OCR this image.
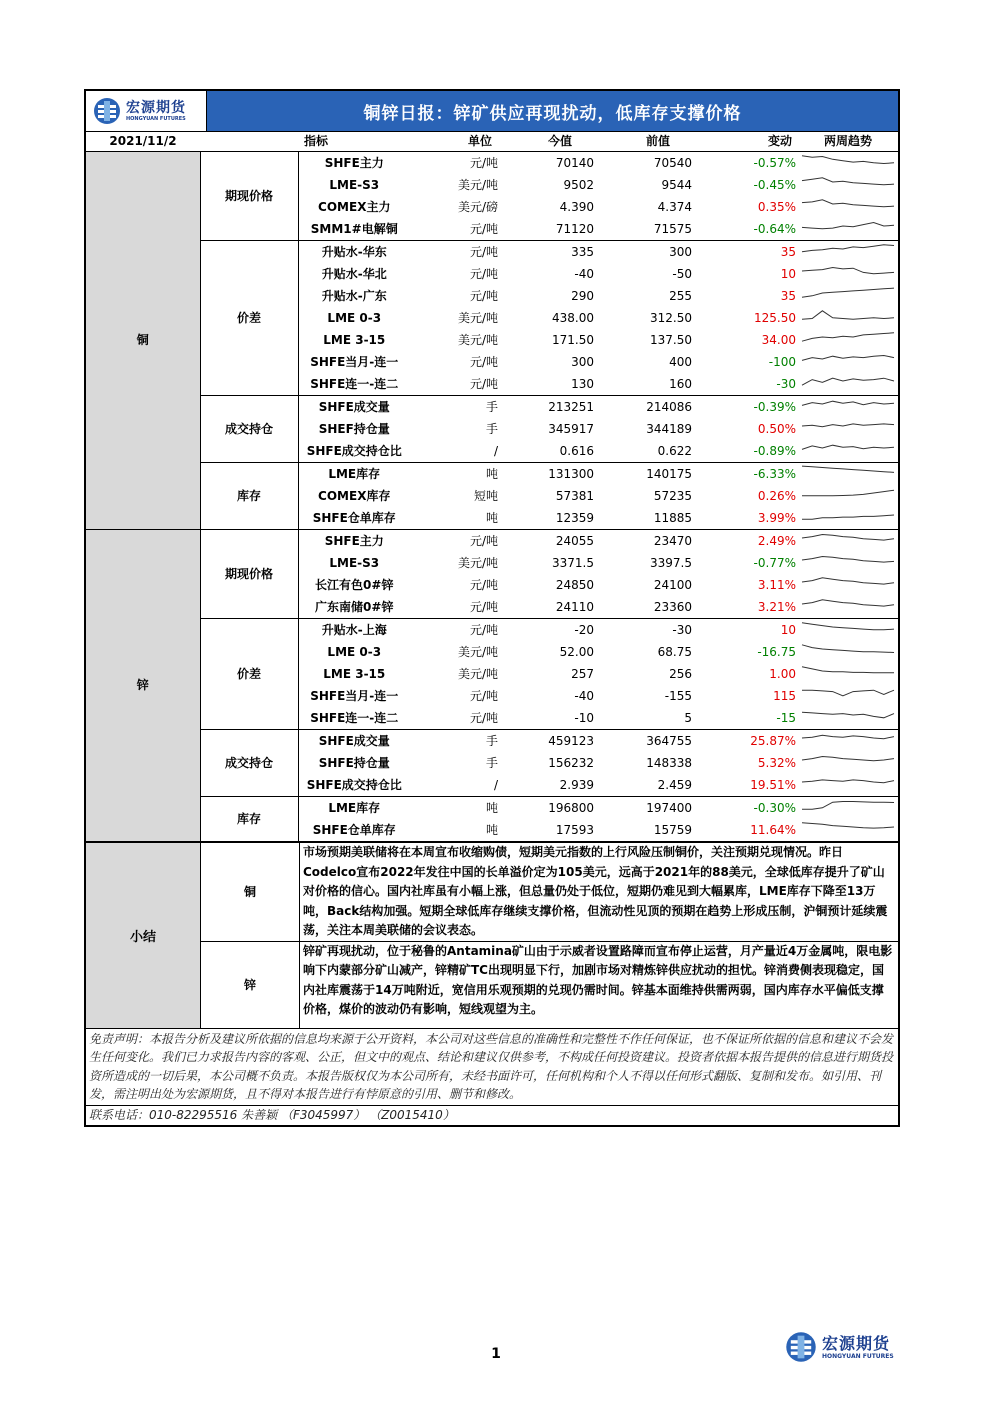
宏源期货
HONGYUAN FUTURES	铜锌日报：锌矿供应再现扰动，低库存支撑价格
2021/11/2		指标	单位	今值	前值	变动	两周趋势
铜	期现价格	SHFE主力	元/吨	70140	70540	-0.57%	
		LME-S3	美元/吨	9502	9544	-0.45%	
		COMEX主力	美元/磅	4.390	4.374	0.35%	
		SMM1#电解铜	元/吨	71120	71575	-0.64%	
	价差	升贴水-华东	元/吨	335	300	35	
		升贴水-华北	元/吨	-40	-50	10	
		升贴水-广东	元/吨	290	255	35	
		LME 0-3	美元/吨	438.00	312.50	125.50	
		LME 3-15	美元/吨	171.50	137.50	34.00	
		SHFE当月-连一	元/吨	300	400	-100	
		SHFE连一-连二	元/吨	130	160	-30	
	成交持仓	SHFE成交量	手	213251	214086	-0.39%	
		SHEF持仓量	手	345917	344189	0.50%	
		SHFE成交持仓比	/	0.616	0.622	-0.89%	
	库存	LME库存	吨	131300	140175	-6.33%	
		COMEX库存	短吨	57381	57235	0.26%	
		SHFE仓单库存	吨	12359	11885	3.99%	
锌	期现价格	SHFE主力	元/吨	24055	23470	2.49%	
		LME-S3	美元/吨	3371.5	3397.5	-0.77%	
		长江有色0#锌	元/吨	24850	24100	3.11%	
		广东南储0#锌	元/吨	24110	23360	3.21%	
	价差	升贴水-上海	元/吨	-20	-30	10	
		LME 0-3	美元/吨	52.00	68.75	-16.75	
		LME 3-15	美元/吨	257	256	1.00	
		SHFE当月-连一	元/吨	-40	-155	115	
		SHFE连一-连二	元/吨	-10	5	-15	
	成交持仓	SHFE成交量	手	459123	364755	25.87%	
		SHFE持仓量	手	156232	148338	5.32%	
		SHFE成交持仓比	/	2.939	2.459	19.51%	
	库存	LME库存	吨	196800	197400	-0.30%	
		SHFE仓单库存	吨	17593	15759	11.64%	
小结
铜
市场预期美联储将在本周宣布收缩购债，短期美元指数的上行风险压制铜价，关注预期兑现情况。昨日Codelco宣布2022年发往中国的长单溢价定为105美元，远高于2021年的88美元，全球低库存提升了矿山对价格的信心。国内社库虽有小幅上涨，但总量仍处于低位，短期仍难见到大幅累库，LME库存下降至13万吨，Back结构加强。短期全球低库存继续支撑价格，但流动性见顶的预期在趋势上形成压制，沪铜预计延续震荡，关注本周美联储的会议表态。
锌
锌矿再现扰动，位于秘鲁的Antamina矿山由于示威者设置路障而宣布停止运营，月产量近4万金属吨，限电影响下内蒙部分矿山减产，锌精矿TC出现明显下行，加剧市场对精炼锌供应扰动的担忧。锌消费侧表现稳定，国内社库震荡于14万吨附近，宽信用乐观预期的兑现仍需时间。锌基本面维持供需两弱，国内库存水平偏低支撑价格，煤价的波动仍有影响，短线观望为主。
免责声明：本报告分析及建议所依据的信息均来源于公开资料，本公司对这些信息的准确性和完整性不作任何保证，也不保证所依据的信息和建议不会发生任何变化。我们已力求报告内容的客观、公正，但文中的观点、结论和建议仅供参考，不构成任何投资建议。投资者依据本报告提供的信息进行期货投资所造成的一切后果，本公司概不负责。本报告版权仅为本公司所有，未经书面许可，任何机构和个人不得以任何形式翻版、复制和发布。如引用、刊发，需注明出处为宏源期货，且不得对本报告进行有悖原意的引用、删节和修改。
联系电话：010-82295516 朱善颖 （F3045997） （Z0015410）
1
宏源期货
HONGYUAN FUTURES
